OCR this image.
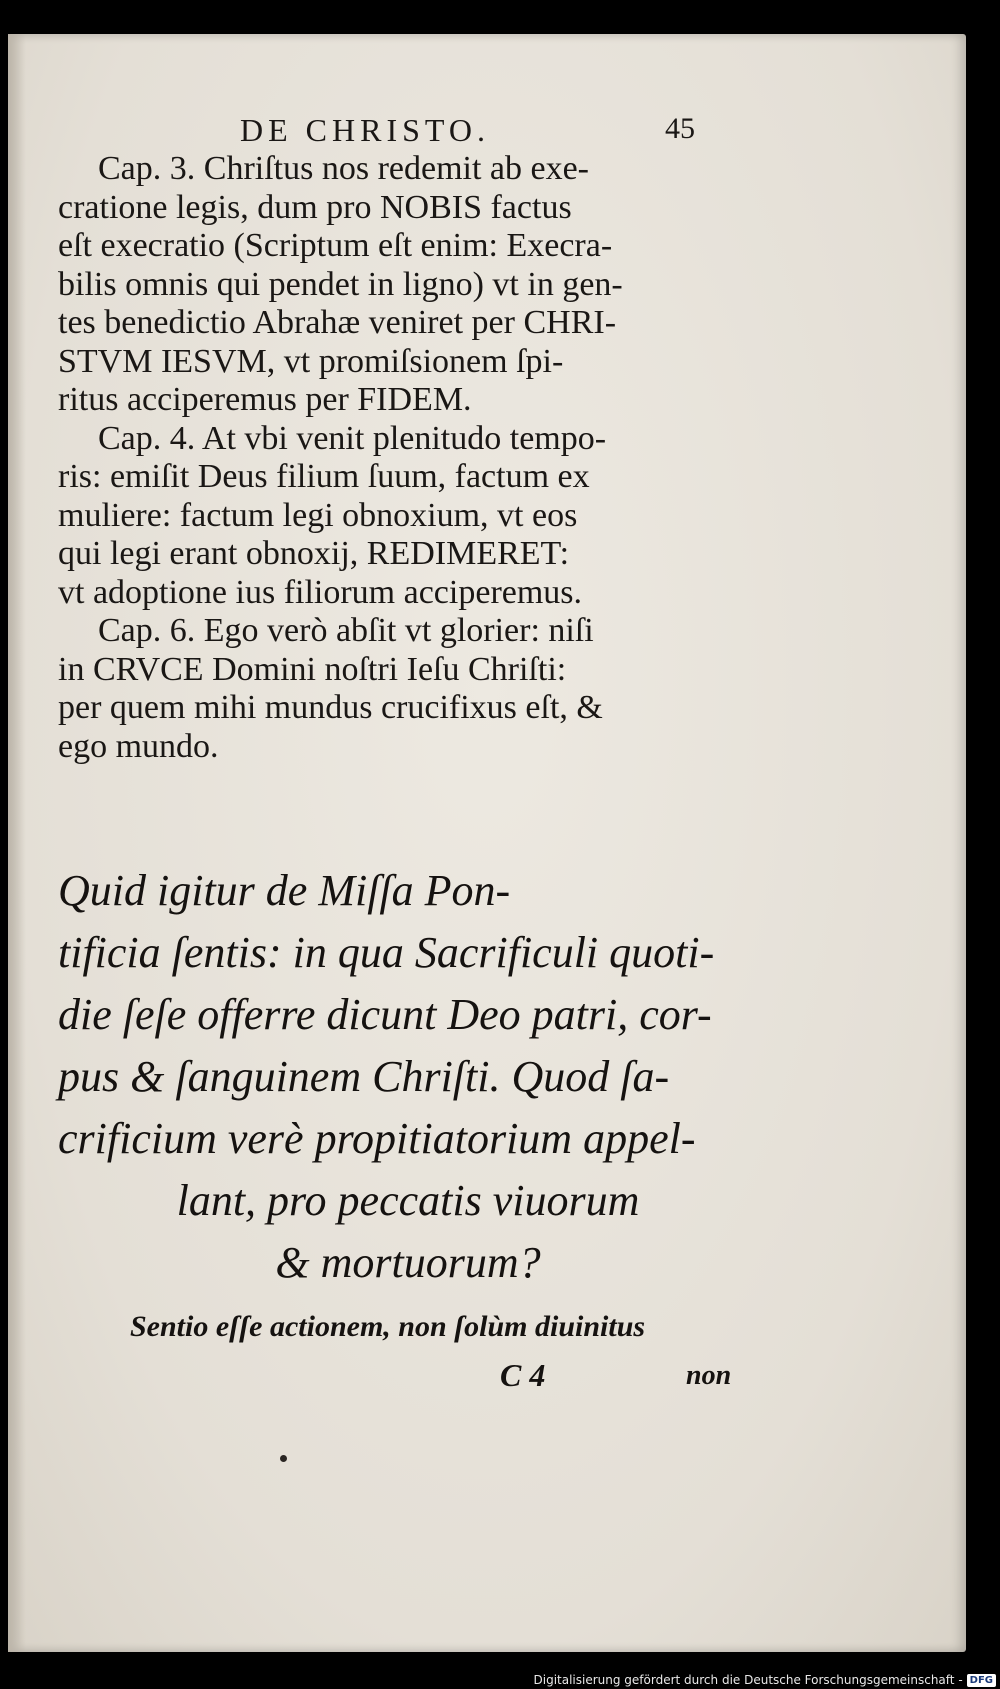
DE CHRISTO.	45

Cap. 3. Chriſtus nos redemit ab exe-
cratione legis, dum pro NOBIS factus
eſt execratio (Scriptum eſt enim: Execra-
bilis omnis qui pendet in ligno) vt in gen-
tes benedictio Abrahæ veniret per CHRI-
STVM IESVM, vt promiſsionem ſpi-
ritus acciperemus per FIDEM.

Cap. 4. At vbi venit plenitudo tempo-
ris: emiſit Deus filium ſuum, factum ex
muliere: factum legi obnoxium, vt eos
qui legi erant obnoxij, REDIMERET:
vt adoptione ius filiorum acciperemus.

Cap. 6. Ego verò abſit vt glorier: niſi
in CRVCE Domini noſtri Ieſu Chriſti:
per quem mihi mundus crucifixus eſt, &
ego mundo.

Quid igitur de Miſſa Pon-
tificia ſentis: in qua Sacrificuli quoti-
die ſeſe offerre dicunt Deo patri, cor-
pus & ſanguinem Chriſti. Quod ſa-
crificium verè propitiatorium appel-
lant, pro peccatis viuorum
& mortuorum?
Sentio eſſe actionem, non ſolùm diuinitus
C 4	non
Digitalisierung gefördert durch die Deutsche Forschungsgemeinschaft - DFG
